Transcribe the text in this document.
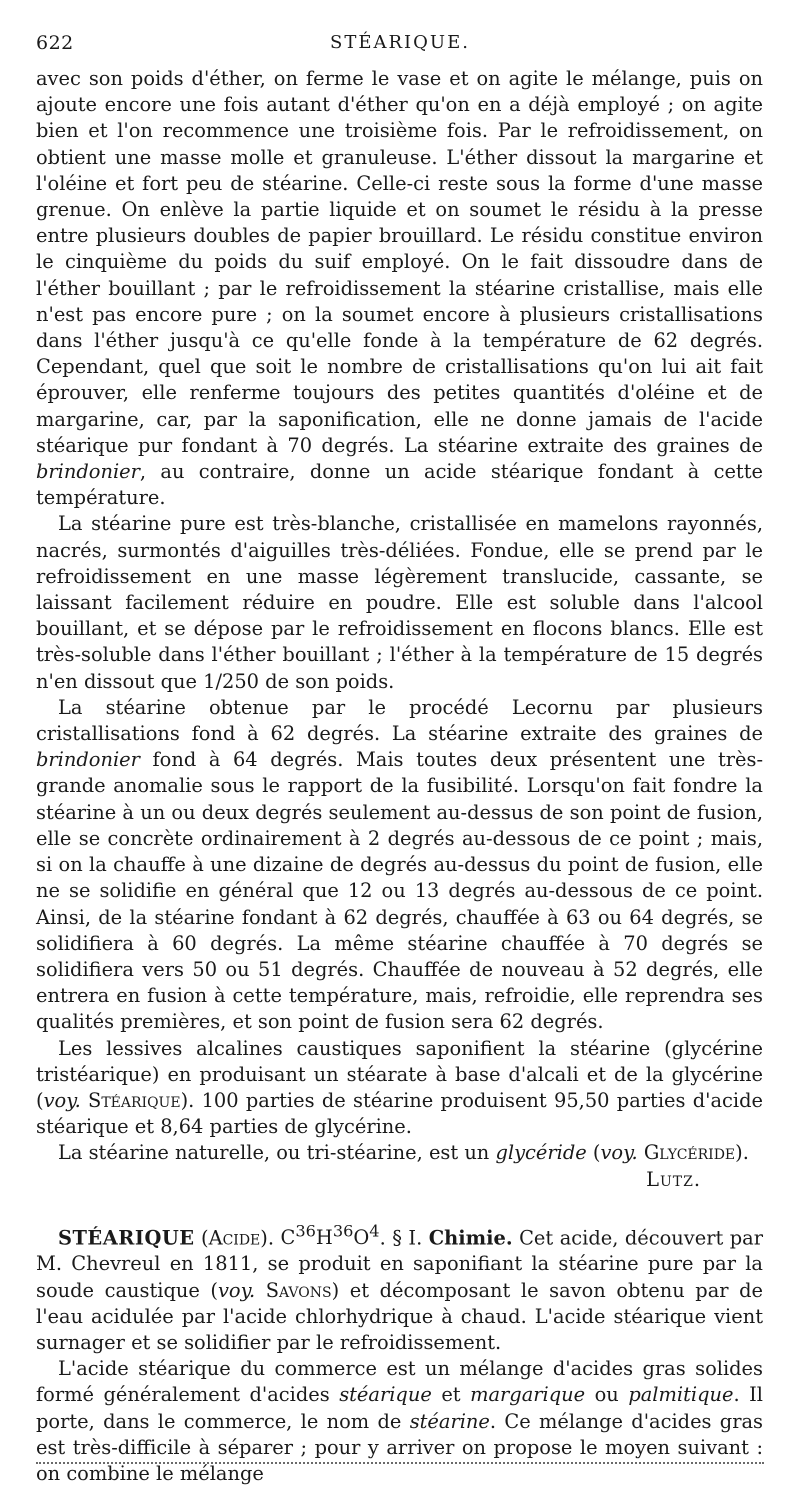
622	STÉARIQUE.

avec son poids d'éther, on ferme le vase et on agite le mélange, puis on ajoute encore une fois autant d'éther qu'on en a déjà employé ; on agite bien et l'on recommence une troisième fois. Par le refroidissement, on obtient une masse molle et granuleuse. L'éther dissout la margarine et l'oléine et fort peu de stéarine. Celle-ci reste sous la forme d'une masse grenue. On enlève la partie liquide et on soumet le résidu à la presse entre plusieurs doubles de papier brouillard. Le résidu constitue environ le cinquième du poids du suif employé. On le fait dissoudre dans de l'éther bouillant ; par le refroidissement la stéarine cristallise, mais elle n'est pas encore pure ; on la soumet encore à plusieurs cristallisations dans l'éther jusqu'à ce qu'elle fonde à la température de 62 degrés. Cependant, quel que soit le nombre de cristallisations qu'on lui ait fait éprouver, elle renferme toujours des petites quantités d'oléine et de margarine, car, par la saponification, elle ne donne jamais de l'acide stéarique pur fondant à 70 degrés. La stéarine extraite des graines de brindonier, au contraire, donne un acide stéarique fondant à cette température.

La stéarine pure est très-blanche, cristallisée en mamelons rayonnés, nacrés, surmontés d'aiguilles très-déliées. Fondue, elle se prend par le refroidissement en une masse légèrement translucide, cassante, se laissant facilement réduire en poudre. Elle est soluble dans l'alcool bouillant, et se dépose par le refroidissement en flocons blancs. Elle est très-soluble dans l'éther bouillant ; l'éther à la température de 15 degrés n'en dissout que 1/250 de son poids.

La stéarine obtenue par le procédé Lecornu par plusieurs cristallisations fond à 62 degrés. La stéarine extraite des graines de brindonier fond à 64 degrés. Mais toutes deux présentent une très-grande anomalie sous le rapport de la fusibilité. Lorsqu'on fait fondre la stéarine à un ou deux degrés seulement au-dessus de son point de fusion, elle se concrète ordinairement à 2 degrés au-dessous de ce point ; mais, si on la chauffe à une dizaine de degrés au-dessus du point de fusion, elle ne se solidifie en général que 12 ou 13 degrés au-dessous de ce point. Ainsi, de la stéarine fondant à 62 degrés, chauffée à 63 ou 64 degrés, se solidifiera à 60 degrés. La même stéarine chauffée à 70 degrés se solidifiera vers 50 ou 51 degrés. Chauffée de nouveau à 52 degrés, elle entrera en fusion à cette température, mais, refroidie, elle reprendra ses qualités premières, et son point de fusion sera 62 degrés.

Les lessives alcalines caustiques saponifient la stéarine (glycérine tristéarique) en produisant un stéarate à base d'alcali et de la glycérine (voy. Stéarique). 100 parties de stéarine produisent 95,50 parties d'acide stéarique et 8,64 parties de glycérine.

La stéarine naturelle, ou tri-stéarine, est un glycéride (voy. Glycéride).

Lutz.

STÉARIQUE (Acide). $C^{36}H^{36}O^4$. § I. Chimie. Cet acide, découvert par M. Chevreul en 1811, se produit en saponifiant la stéarine pure par la soude caustique (voy. Savons) et décomposant le savon obtenu par de l'eau acidulée par l'acide chlorhydrique à chaud. L'acide stéarique vient surnager et se solidifier par le refroidissement.

L'acide stéarique du commerce est un mélange d'acides gras solides formé généralement d'acides stéarique et margarique ou palmitique. Il porte, dans le commerce, le nom de stéarine. Ce mélange d'acides gras est très-difficile à séparer ; pour y arriver on propose le moyen suivant : on combine le mélange
